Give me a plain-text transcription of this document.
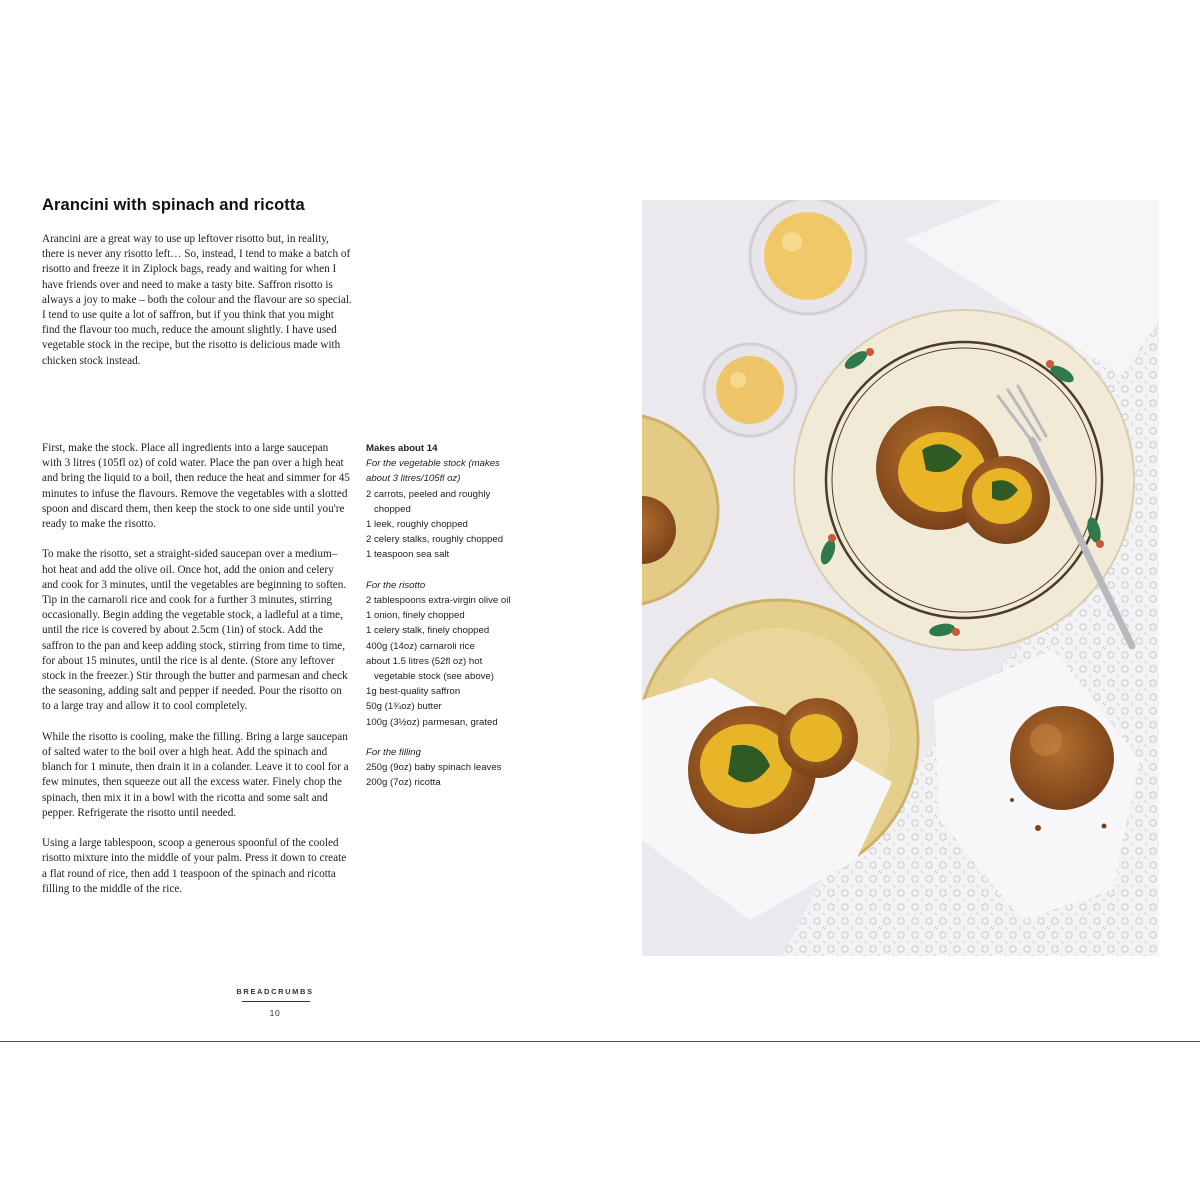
Arancini with spinach and ricotta

Arancini are a great way to use up leftover risotto but, in reality, there is never any risotto left… So, instead, I tend to make a batch of risotto and freeze it in Ziplock bags, ready and waiting for when I have friends over and need to make a tasty bite. Saffron risotto is always a joy to make – both the colour and the flavour are so special. I tend to use quite a lot of saffron, but if you think that you might find the flavour too much, reduce the amount slightly. I have used vegetable stock in the recipe, but the risotto is delicious made with chicken stock instead.

First, make the stock. Place all ingredients into a large saucepan with 3 litres (105fl oz) of cold water. Place the pan over a high heat and bring the liquid to a boil, then reduce the heat and simmer for 45 minutes to infuse the flavours. Remove the vegetables with a slotted spoon and discard them, then keep the stock to one side until you're ready to make the risotto.

To make the risotto, set a straight-sided saucepan over a medium–hot heat and add the olive oil. Once hot, add the onion and celery and cook for 3 minutes, until the vegetables are beginning to soften. Tip in the carnaroli rice and cook for a further 3 minutes, stirring occasionally. Begin adding the vegetable stock, a ladleful at a time, until the rice is covered by about 2.5cm (1in) of stock. Add the saffron to the pan and keep adding stock, stirring from time to time, for about 15 minutes, until the rice is al dente. (Store any leftover stock in the freezer.) Stir through the butter and parmesan and check the seasoning, adding salt and pepper if needed. Pour the risotto on to a large tray and allow it to cool completely.

While the risotto is cooling, make the filling. Bring a large saucepan of salted water to the boil over a high heat. Add the spinach and blanch for 1 minute, then drain it in a colander. Leave it to cool for a few minutes, then squeeze out all the excess water. Finely chop the spinach, then mix it in a bowl with the ricotta and some salt and pepper. Refrigerate the risotto until needed.

Using a large tablespoon, scoop a generous spoonful of the cooled risotto mixture into the middle of your palm. Press it down to create a flat round of rice, then add 1 teaspoon of the spinach and ricotta filling to the middle of the rice.

Makes about 14
For the vegetable stock (makes about 3 litres/105fl oz)
2 carrots, peeled and roughly chopped
1 leek, roughly chopped
2 celery stalks, roughly chopped
1 teaspoon sea salt
For the risotto
2 tablespoons extra-virgin olive oil
1 onion, finely chopped
1 celery stalk, finely chopped
400g (14oz) carnaroli rice
about 1.5 litres (52fl oz) hot vegetable stock (see above)
1g best-quality saffron
50g (1¾oz) butter
100g (3½oz) parmesan, grated
For the filling
250g (9oz) baby spinach leaves
200g (7oz) ricotta
BREADCRUMBS
10
